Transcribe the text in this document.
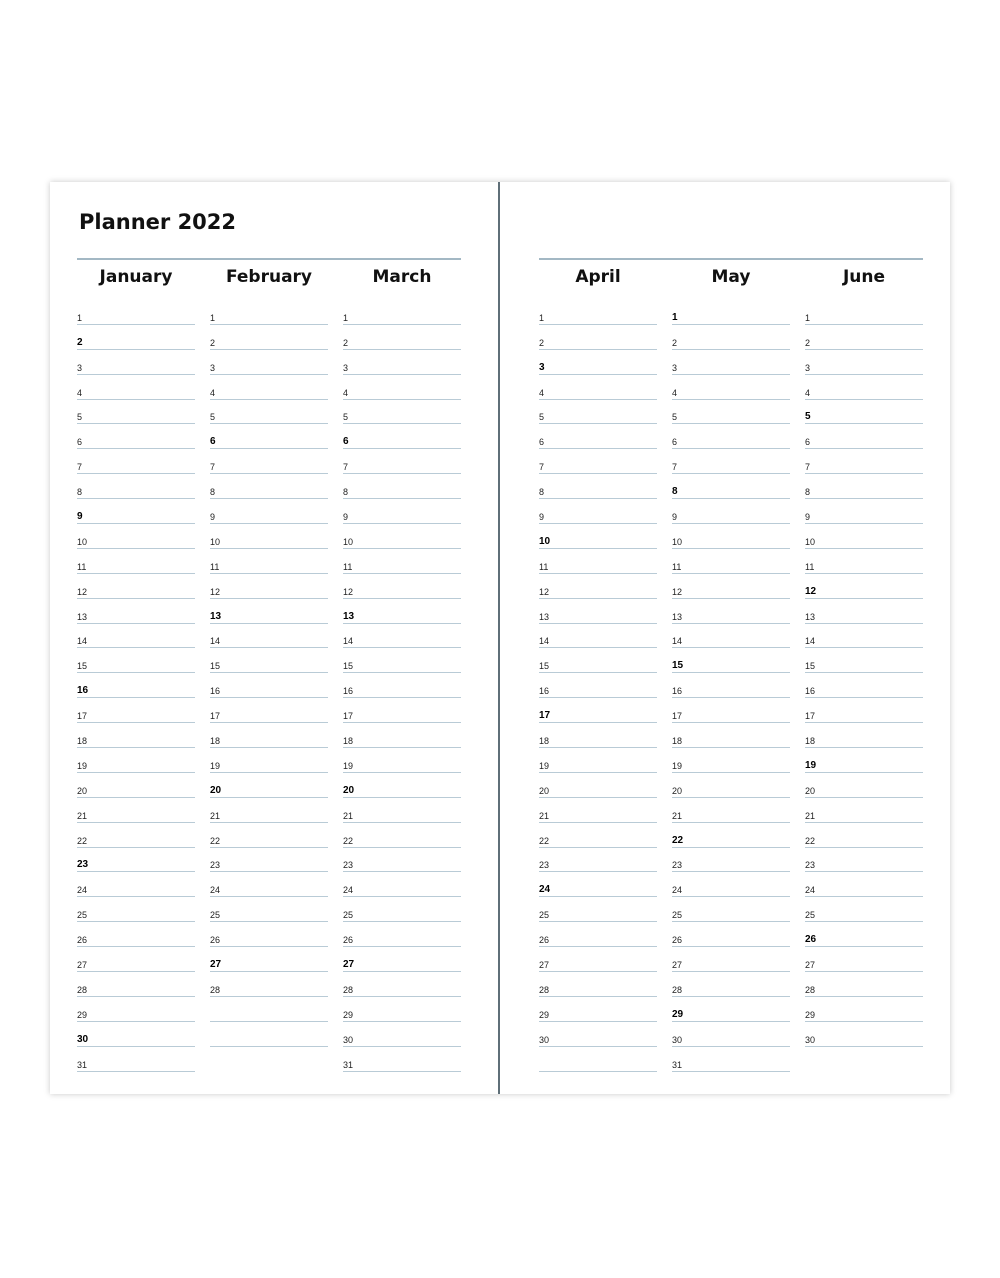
Planner 2022
January
1
2
3
4
5
6
7
8
9
10
11
12
13
14
15
16
17
18
19
20
21
22
23
24
25
26
27
28
29
30
31
February
1
2
3
4
5
6
7
8
9
10
11
12
13
14
15
16
17
18
19
20
21
22
23
24
25
26
27
28
March
1
2
3
4
5
6
7
8
9
10
11
12
13
14
15
16
17
18
19
20
21
22
23
24
25
26
27
28
29
30
31
April
1
2
3
4
5
6
7
8
9
10
11
12
13
14
15
16
17
18
19
20
21
22
23
24
25
26
27
28
29
30
May
1
2
3
4
5
6
7
8
9
10
11
12
13
14
15
16
17
18
19
20
21
22
23
24
25
26
27
28
29
30
31
June
1
2
3
4
5
6
7
8
9
10
11
12
13
14
15
16
17
18
19
20
21
22
23
24
25
26
27
28
29
30
